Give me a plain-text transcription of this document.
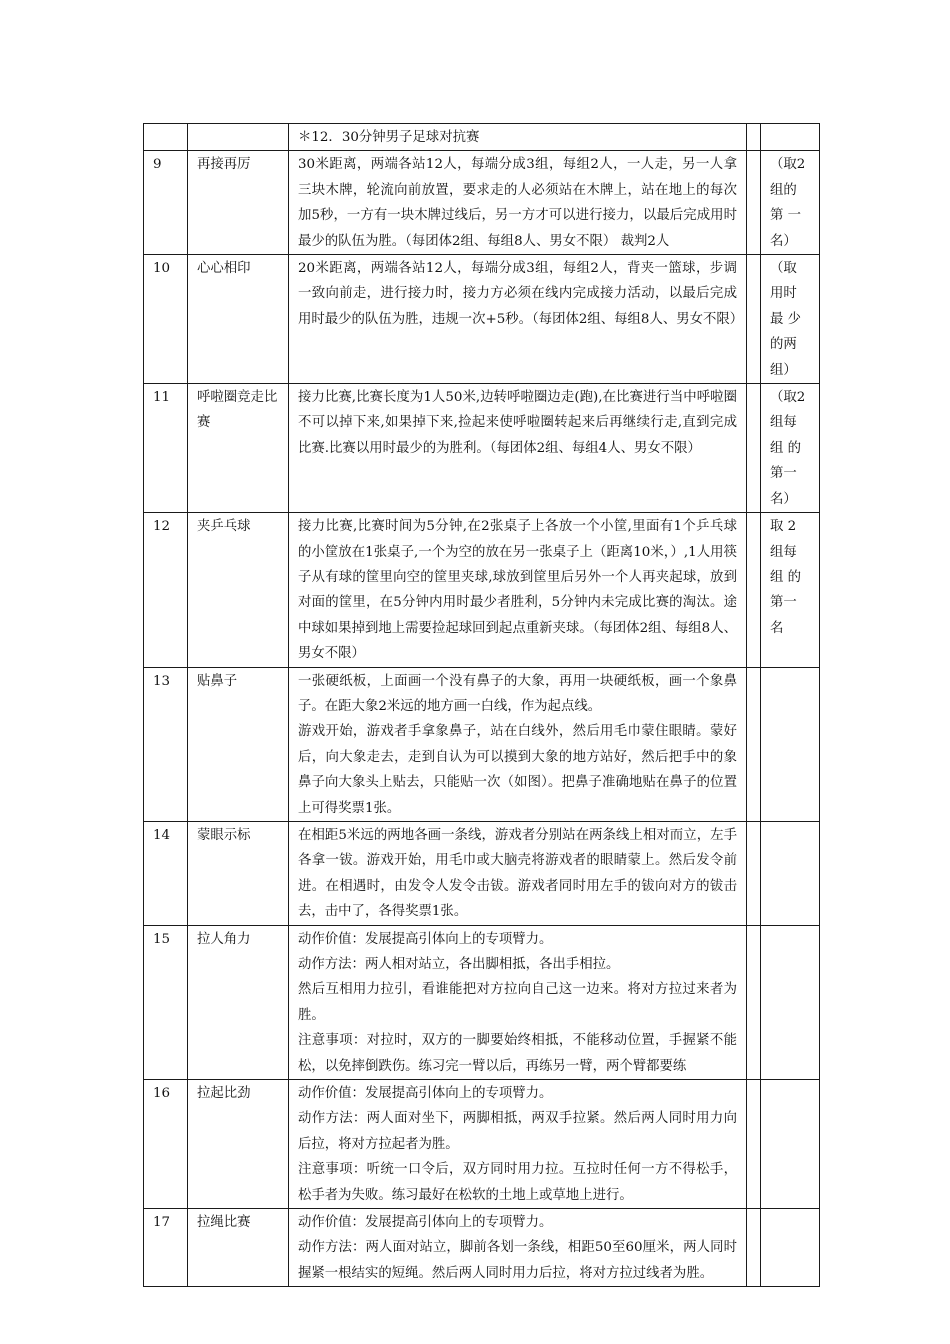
		＊12．30分钟男子足球对抗赛		
9	再接再厉	30米距离，两端各站12人，每端分成3组，每组2人，一人走，另一人拿三块木牌，轮流向前放置，要求走的人必须站在木牌上，站在地上的每次加5秒，一方有一块木牌过线后，另一方才可以进行接力，以最后完成用时最少的队伍为胜。（每团体2组、每组8人、男女不限） 裁判2人		（取2组的 第 一名）

10	心心相印	20米距离，两端各站12人，每端分成3组，每组2人，背夹一篮球，步调一致向前走，进行接力时，接力方必须在线内完成接力活动，以最后完成用时最少的队伍为胜，违规一次+5秒。（每团体2组、每组8人、男女不限）		（取用时最 少 的两组）

11	呼啦圈竞走比赛	接力比赛,比赛长度为1人50米,边转呼啦圈边走(跑),在比赛进行当中呼啦圈不可以掉下来,如果掉下来,捡起来使呼啦圈转起来后再继续行走,直到完成比赛.比赛以用时最少的为胜利。（每团体2组、每组4人、男女不限）		（取2组每 组 的第一名）

12	夹乒乓球	接力比赛,比赛时间为5分钟,在2张桌子上各放一个小筐,里面有1个乒乓球的小筐放在1张桌子,一个为空的放在另一张桌子上（距离10米，）,1人用筷子从有球的筐里向空的筐里夹球,球放到筐里后另外一个人再夹起球，放到对面的筐里，在5分钟内用时最少者胜利，5分钟内未完成比赛的淘汰。途中球如果掉到地上需要捡起球回到起点重新夹球。（每团体2组、每组8人、男女不限）		取 2 组每 组 的第一名

13	贴鼻子	一张硬纸板，上面画一个没有鼻子的大象，再用一块硬纸板，画一个象鼻子。在距大象2米远的地方画一白线，作为起点线。

游戏开始，游戏者手拿象鼻子，站在白线外，然后用毛巾蒙住眼睛。蒙好后，向大象走去，走到自认为可以摸到大象的地方站好，然后把手中的象鼻子向大象头上贴去，只能贴一次（如图）。把鼻子准确地贴在鼻子的位置上可得奖票1张。		

14	蒙眼示标	在相距5米远的两地各画一条线，游戏者分别站在两条线上相对而立，左手各拿一钹。游戏开始，用毛巾或大脑壳将游戏者的眼睛蒙上。然后发令前进。在相遇时，由发令人发令击钹。游戏者同时用左手的钹向对方的钹击去，击中了，各得奖票1张。		

15	拉人角力	动作价值：发展提高引体向上的专项臂力。

动作方法：两人相对站立，各出脚相抵，各出手相拉。

然后互相用力拉引，看谁能把对方拉向自己这一边来。将对方拉过来者为胜。

注意事项：对拉时，双方的一脚要始终相抵，不能移动位置，手握紧不能松，以免摔倒跌伤。练习完一臂以后，再练另一臂，两个臂都要练		

16	拉起比劲	动作价值：发展提高引体向上的专项臂力。

动作方法：两人面对坐下，两脚相抵，两双手拉紧。然后两人同时用力向后拉，将对方拉起者为胜。

注意事项：听统一口令后，双方同时用力拉。互拉时任何一方不得松手，松手者为失败。练习最好在松软的土地上或草地上进行。		

17	拉绳比赛	动作价值：发展提高引体向上的专项臂力。

动作方法：两人面对站立，脚前各划一条线，相距50至60厘米，两人同时握紧一根结实的短绳。然后两人同时用力后拉，将对方拉过线者为胜。		
